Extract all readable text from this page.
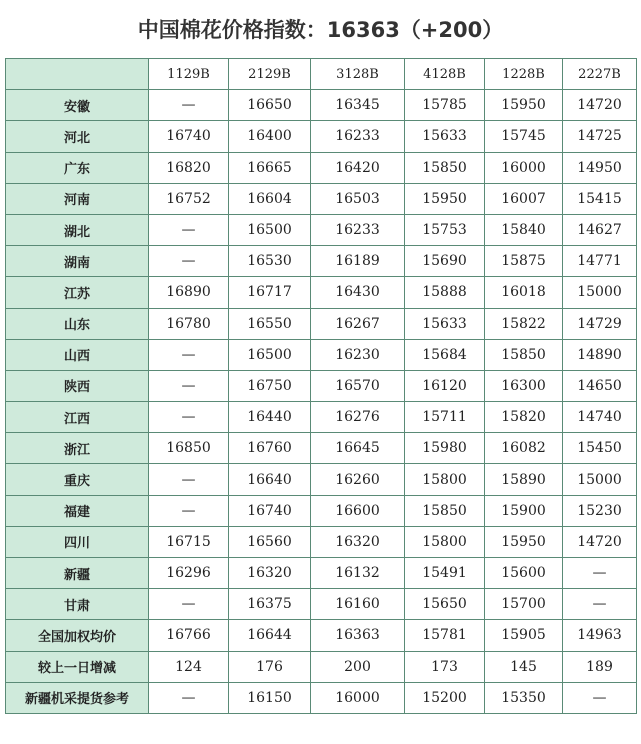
中国棉花价格指数：16363（+200）
	1129B	2129B	3128B	4128B	1228B	2227B
安徽	—	16650	16345	15785	15950	14720
河北	16740	16400	16233	15633	15745	14725
广东	16820	16665	16420	15850	16000	14950
河南	16752	16604	16503	15950	16007	15415
湖北	—	16500	16233	15753	15840	14627
湖南	—	16530	16189	15690	15875	14771
江苏	16890	16717	16430	15888	16018	15000
山东	16780	16550	16267	15633	15822	14729
山西	—	16500	16230	15684	15850	14890
陕西	—	16750	16570	16120	16300	14650
江西	—	16440	16276	15711	15820	14740
浙江	16850	16760	16645	15980	16082	15450
重庆	—	16640	16260	15800	15890	15000
福建	—	16740	16600	15850	15900	15230
四川	16715	16560	16320	15800	15950	14720
新疆	16296	16320	16132	15491	15600	—
甘肃	—	16375	16160	15650	15700	—
全国加权均价	16766	16644	16363	15781	15905	14963
较上一日增减	124	176	200	173	145	189
新疆机采提货参考	—	16150	16000	15200	15350	—
